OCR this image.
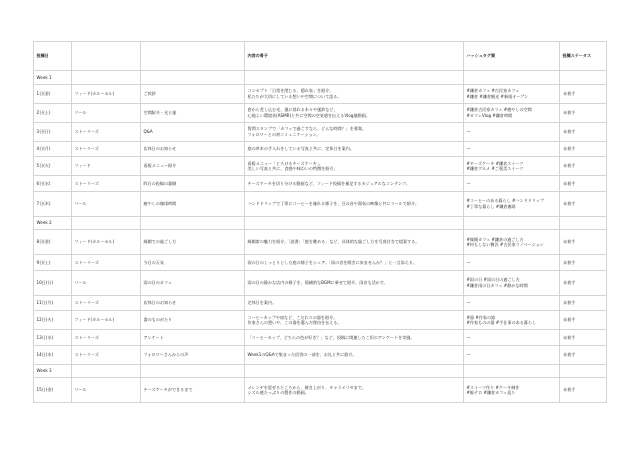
投稿日			内容の骨子	ハッシュタグ案	投稿ステータス
Week 1					
1日(金)	フィード(カルーセル)	ご挨拶	コンセプト「日常を閉じる、隠れ家」を紹介。
私たちが大切にしている想いや空間について語る。	#鎌倉カフェ #古民家カフェ
#鎌倉 #鎌倉観光 #新規オープン	未着手
2日(土)	リール	空間紹介・光と風	窓から差し込む光、風に揺れる木々や風鈴など、
心地よい環境音(ASMR)と共に空間の空気感を伝えるVlog風動画。	#鎌倉古民家カフェ #癒やしの空間
#カフェVlog #鎌倉時間	未着手
3日(日)	ストーリーズ	Q&A	質問スタンプで「カフェで過ごすなら、どんな時間？」を募集。
フォロワーとの初コミュニケーション。	—	未着手
4日(月)	ストーリーズ	店休日のお知らせ	庭の草木の手入れをしている写真と共に、定休日を案内。	—	未着手
5日(火)	フィード	看板メニュー紹介	看板メニュー「とろけるチーズケーキ」。
美しい写真と共に、食感や味わいの特徴を紹介。	#チーズケーキ #鎌倉スイーツ
#鎌倉グルメ #ご褒美スイーツ	未着手
6日(水)	ストーリーズ	昨日の投稿の裏側	チーズケーキを切り分ける動画など、フィード投稿を補足するカジュアルなコンテンツ。	—	未着手
7日(木)	リール	癒やしの珈琲時間	ハンドドリップで丁寧にコーヒーを淹れる様子を、豆の音や湯気の映像と共にリールで紹介。	#コーヒーのある暮らし #ハンドドリップ
#丁寧な暮らし #鎌倉珈琲	未着手
Week 2					
8日(金)	フィード(カルーセル)	縁側での過ごし方	縁側席の魅力を紹介。「読書」「庭を眺める」など、具体的な過ごし方を写真付きで提案する。	#縁側カフェ #鎌倉の過ごし方
#何もしない贅沢 #古民家リノベーション	未着手
9日(土)	ストーリーズ	今日の天気	雨の日のしっとりとした庭の様子をシェア。「雨の音を聞きに来ませんか？」と一言添える。	—	未着手
10日(日)	リール	雨の日のカフェ	雨の日の静かな店内の様子を、情緒的なBGMに乗せて紹介。雨音も活かす。	#雨の日 #雨の日の過ごし方
#鎌倉雨の日カフェ #静かな時間	未着手
11日(月)	ストーリーズ	店休日のお知らせ	定休日を案内。	—	未着手
12日(火)	フィード(カルーセル)	器のものがたり	コーヒーカップや皿など、こだわりの器を紹介。
作家さんの想いや、この器を選んだ理由を伝える。	#器 #作家の器
#作家ものの器 #手仕事のある暮らし	未着手
13日(水)	ストーリーズ	アンケート	「コーヒーカップ、どちらの色が好き？」など、投稿に関連したこ択のアンケートを実施。	—	未着手
14日(木)	ストーリーズ	フォロワーさんからの声	Week1のQ&Aで集まった回答の一部を、お礼と共に紹介。	—	未着手
Week 3					
15日(金)	リール	チーズケーキができるまで	メレンゲを混ぜるところから、焼き上がり、キャラメリゼまで。
シズル感たっぷりの製作の動画。	#スイーツ作り #ケーキ制作
#飯テロ #鎌倉カフェ巡り	未着手
